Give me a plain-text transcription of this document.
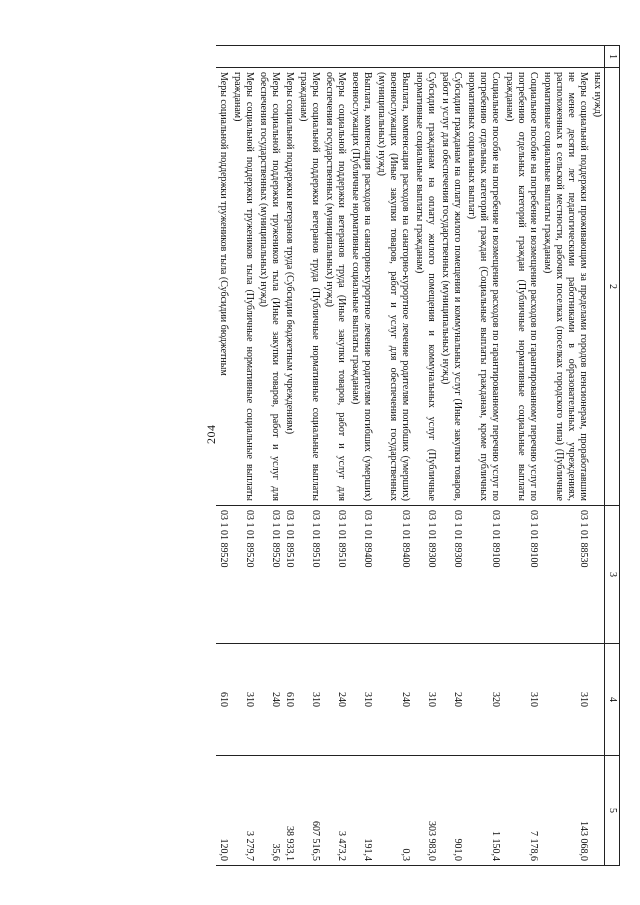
204
1	2	3	4	5
	ных нужд)			
	Меры социальной поддержки проживающим за пределами городов пенсионерам, проработавшим не менее десяти лет педагогическими работниками в образовательных учреждениях, расположенных в сельской местности, рабочих поселках (поселках городского типа) (Публичные нормативные социальные выплаты гражданам)	03 1 01 88530	310	143 068,0
	Социальное пособие на погребение и возмещение расходов по гарантированному перечню услуг по погребению отдельных категорий граждан (Публичные нормативные социальные выплаты гражданам)	03 1 01 89100	310	7 178,6
	Социальное пособие на погребение и возмещение расходов по гарантированному перечню услуг по погребению отдельных категорий граждан (Социальные выплаты гражданам, кроме публичных нормативных социальных выплат)	03 1 01 89100	320	1 150,4
	Субсидии гражданам на оплату жилого помещения и коммунальных услуг (Иные закупки товаров, работ и услуг для обеспечения государственных (муниципальных) нужд)	03 1 01 89300	240	901,0
	Субсидии гражданам на оплату жилого помещения и коммунальных услуг (Публичные нормативные социальные выплаты гражданам)	03 1 01 89300	310	303 983,0
	Выплата, компенсация расходов на санаторно-курортное лечение родителям погибших (умерших) военнослужащих (Иные закупки товаров, работ и услуг для обеспечения государственных (муниципальных) нужд)	03 1 01 89400	240	0,3
	Выплата, компенсация расходов на санаторно-курортное лечение родителям погибших (умерших) военнослужащих (Публичные нормативные социальные выплаты гражданам)	03 1 01 89400	310	191,4
	Меры социальной поддержки ветеранов труда (Иные закупки товаров, работ и услуг для обеспечения государственных (муниципальных) нужд)	03 1 01 89510	240	3 473,2
	Меры социальной поддержки ветеранов труда (Публичные нормативные социальные выплаты гражданам)	03 1 01 89510	310	607 516,5
	Меры социальной поддержки ветеранов труда (Субсидии бюджетным учреждениям)	03 1 01 89510	610	38 933,1
	Меры социальной поддержки тружеников тыла (Иные закупки товаров, работ и услуг для обеспечения государственных (муниципальных) нужд)	03 1 01 89520	240	35,6
	Меры социальной поддержки тружеников тыла (Публичные нормативные социальные выплаты гражданам)	03 1 01 89520	310	3 279,7
	Меры социальной поддержки тружеников тыла (Субсидии бюджетным	03 1 01 89520	610	120,0
